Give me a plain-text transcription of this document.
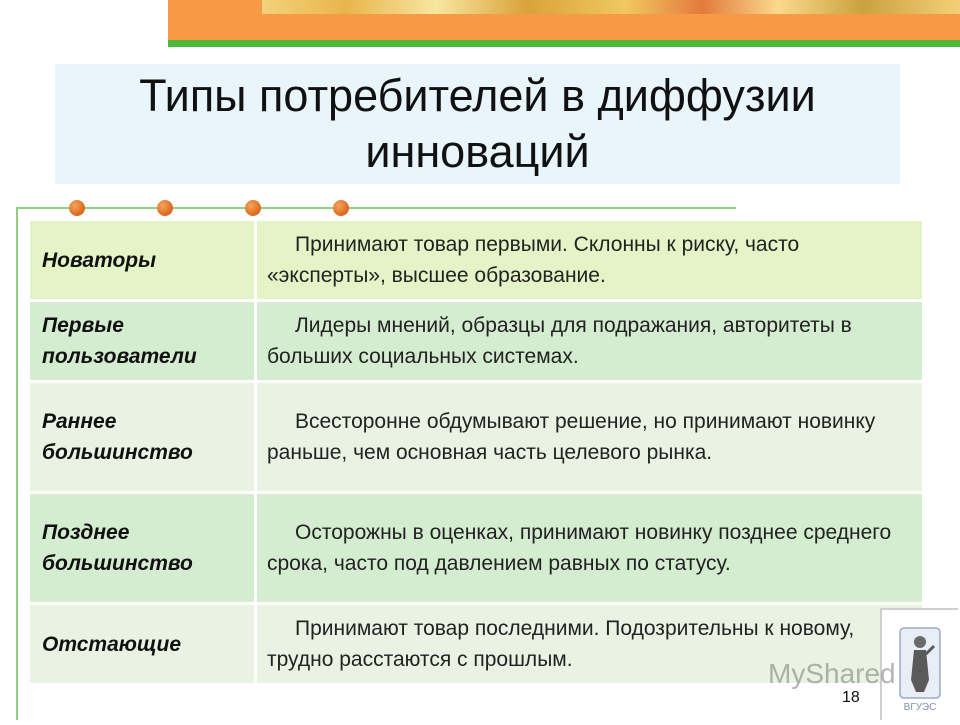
Типы потребителей в диффузии инноваций
Новаторы	Принимают товар первыми. Склонны к риску, часто «эксперты», высшее образование.
Первые пользователи	Лидеры мнений, образцы для подражания, авторитеты в больших социальных системах.
Раннее большинство	Всесторонне обдумывают решение, но принимают новинку раньше, чем основная часть целевого рынка.
Позднее большинство	Осторожны в оценках, принимают новинку позднее среднего срока, часто под давлением равных по статусу.
Отстающие	Принимают товар последними. Подозрительны к новому, трудно расстаются с прошлым.
ВГУЭС
MyShared
18
